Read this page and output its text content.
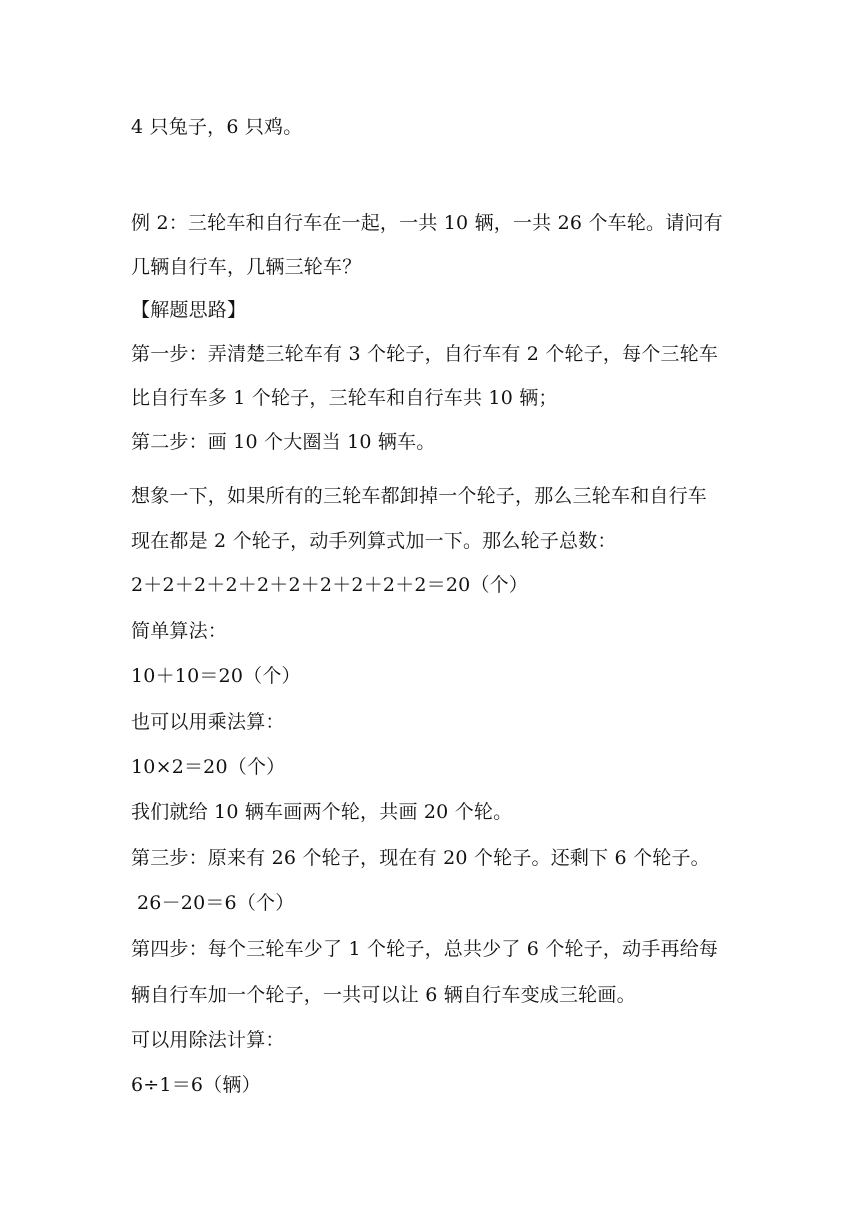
4 只兔子，6 只鸡。
例 2：三轮车和自行车在一起，一共 10 辆，一共 26 个车轮。请问有
几辆自行车，几辆三轮车？
【解题思路】
第一步：弄清楚三轮车有 3 个轮子，自行车有 2 个轮子，每个三轮车
比自行车多 1 个轮子，三轮车和自行车共 10 辆；
第二步：画 10 个大圈当 10 辆车。
想象一下，如果所有的三轮车都卸掉一个轮子，那么三轮车和自行车
现在都是 2 个轮子，动手列算式加一下。那么轮子总数：
2＋2＋2＋2＋2＋2＋2＋2＋2＋2＝20（个）
简单算法：
10＋10＝20（个）
也可以用乘法算：
10×2＝20（个）
我们就给 10 辆车画两个轮，共画 20 个轮。
第三步：原来有 26 个轮子，现在有 20 个轮子。还剩下 6 个轮子。
26－20＝6（个）
第四步：每个三轮车少了 1 个轮子，总共少了 6 个轮子，动手再给每
辆自行车加一个轮子，一共可以让 6 辆自行车变成三轮画。
可以用除法计算：
6÷1＝6（辆）
